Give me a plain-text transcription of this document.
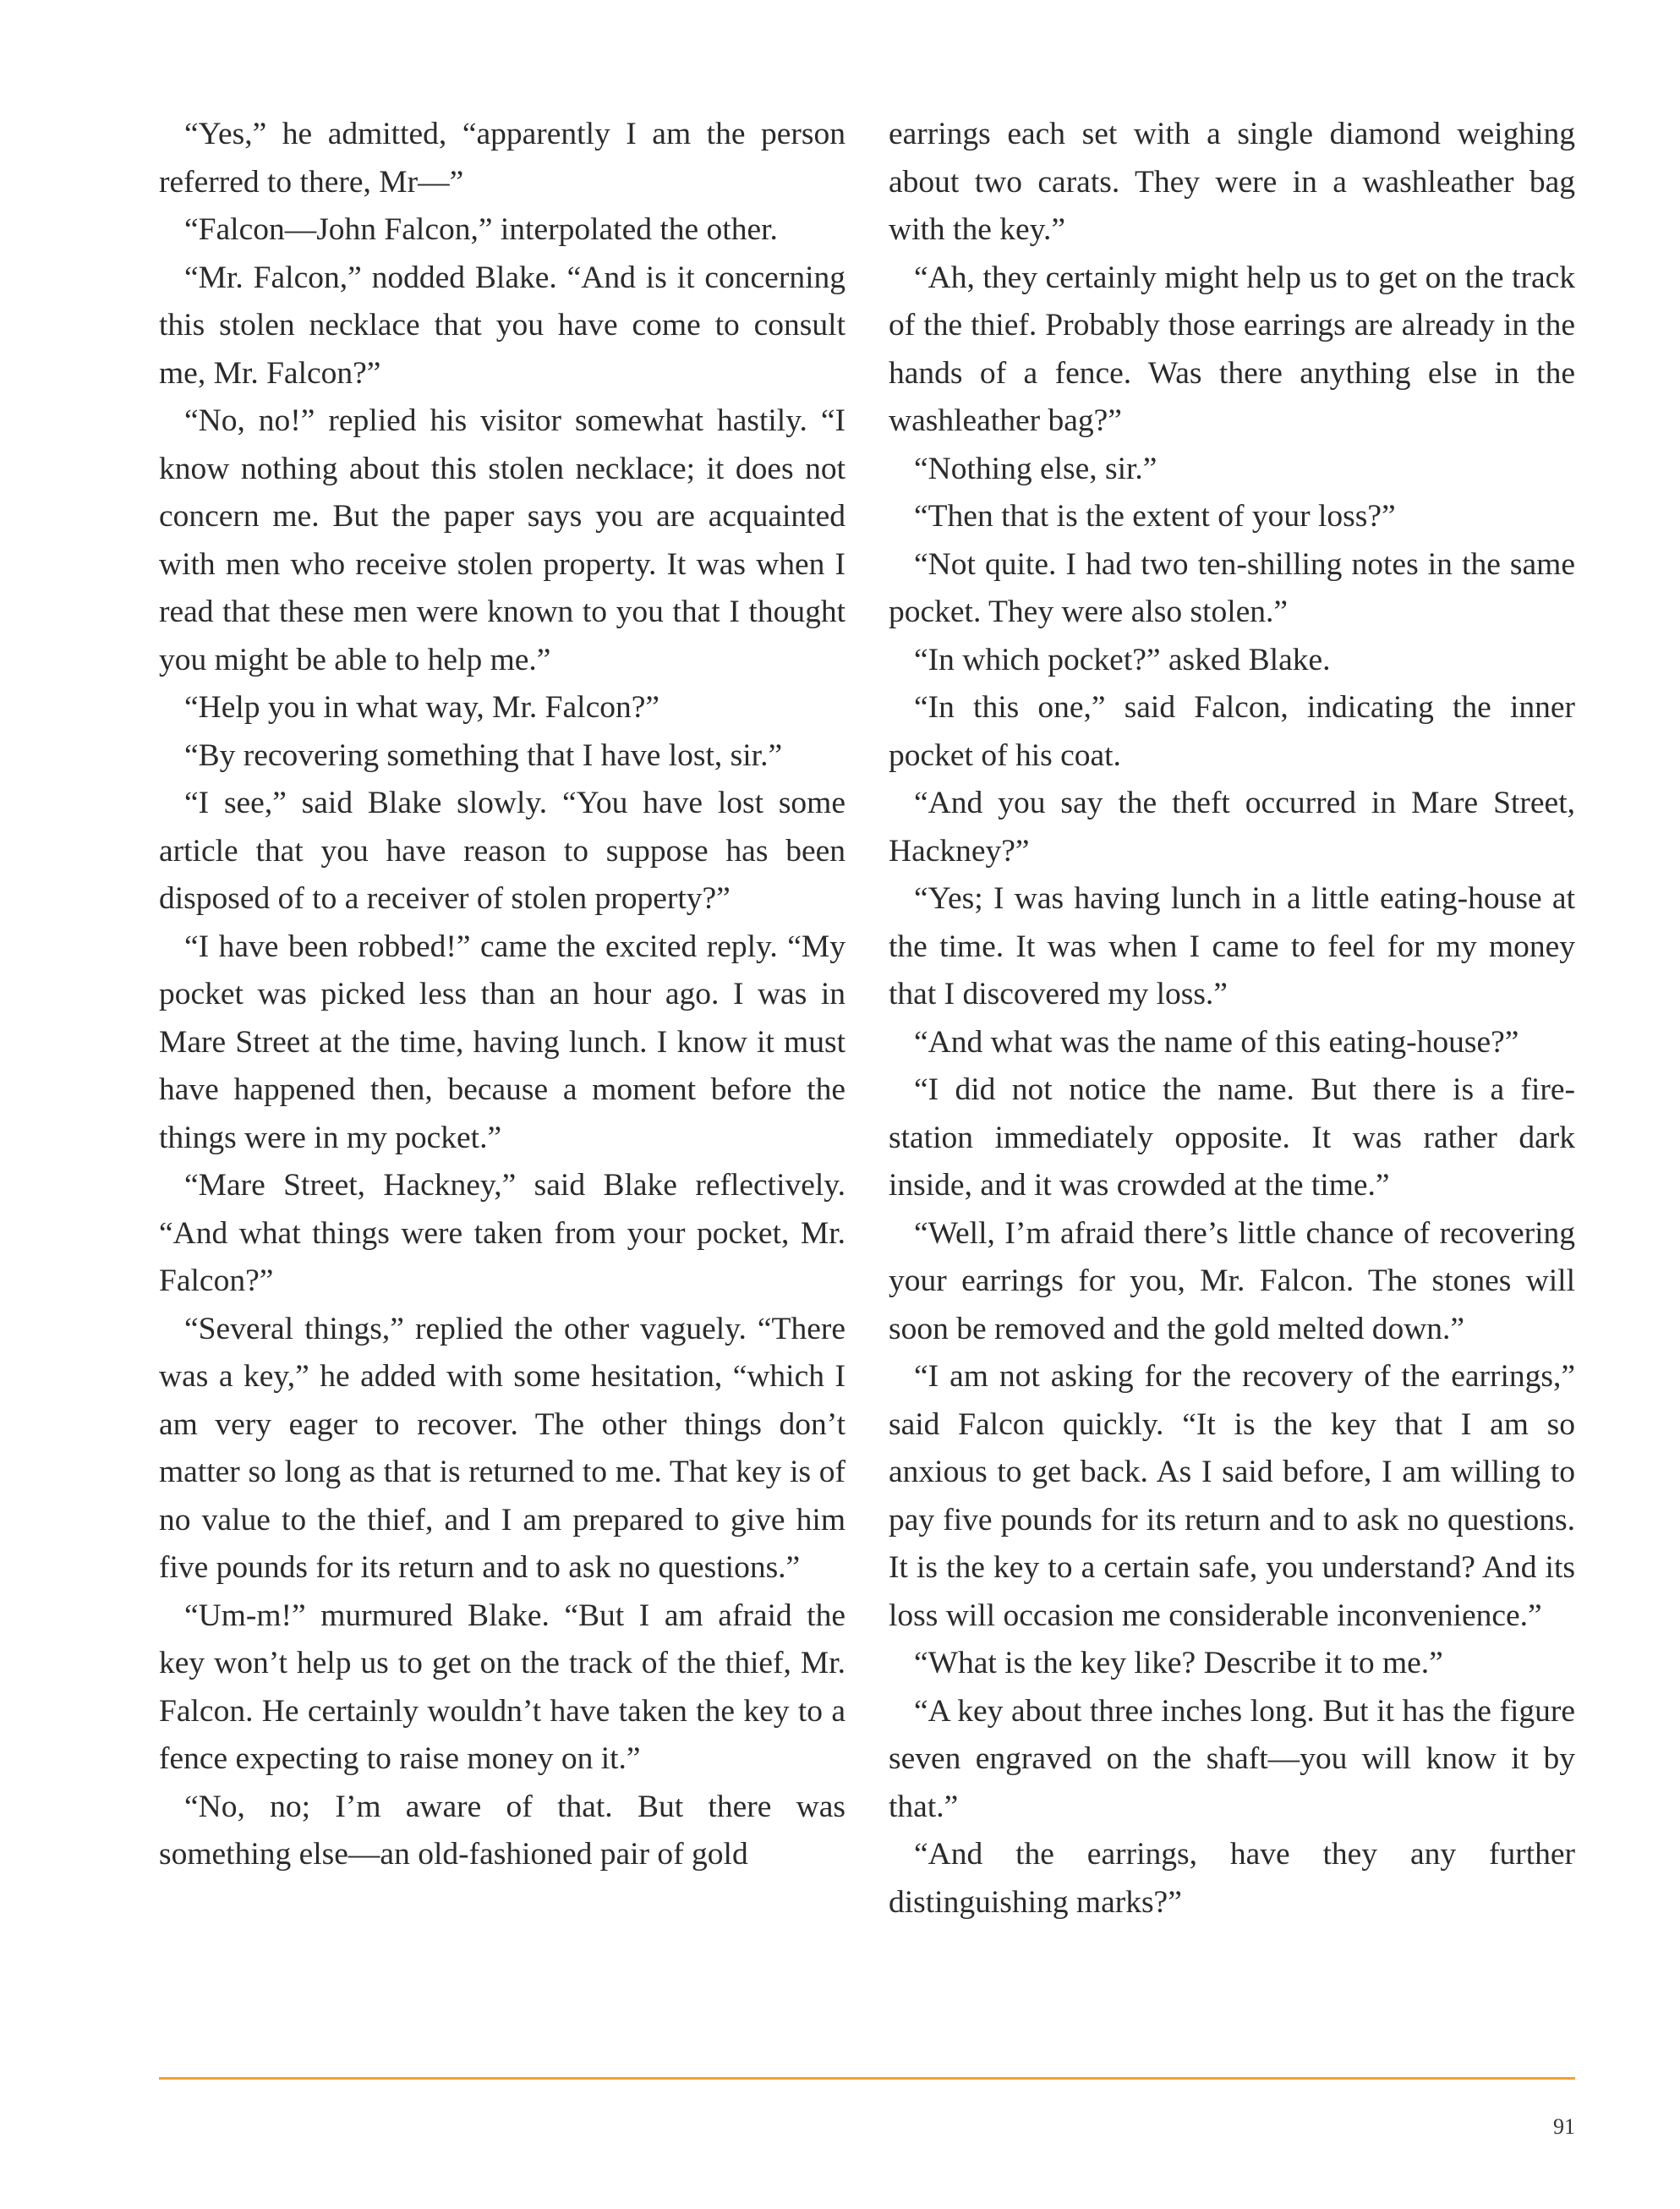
“Yes,” he admitted, “apparently I am the person referred to there, Mr—”

“Falcon—John Falcon,” interpolated the other.

“Mr. Falcon,” nodded Blake. “And is it concerning this stolen necklace that you have come to consult me, Mr. Falcon?”

“No, no!” replied his visitor somewhat hastily. “I know nothing about this stolen necklace; it does not concern me. But the paper says you are acquainted with men who receive stolen property. It was when I read that these men were known to you that I thought you might be able to help me.”

“Help you in what way, Mr. Falcon?”

“By recovering something that I have lost, sir.”

“I see,” said Blake slowly. “You have lost some article that you have reason to suppose has been disposed of to a receiver of stolen property?”

“I have been robbed!” came the excited reply. “My pocket was picked less than an hour ago. I was in Mare Street at the time, having lunch. I know it must have happened then, because a moment before the things were in my pocket.”

“Mare Street, Hackney,” said Blake reflectively. “And what things were taken from your pocket, Mr. Falcon?”

“Several things,” replied the other vaguely. “There was a key,” he added with some hesitation, “which I am very eager to recover. The other things don’t matter so long as that is returned to me. That key is of no value to the thief, and I am prepared to give him five pounds for its return and to ask no questions.”

“Um-m!” murmured Blake. “But I am afraid the key won’t help us to get on the track of the thief, Mr. Falcon. He certainly wouldn’t have taken the key to a fence expecting to raise money on it.”

“No, no; I’m aware of that. But there was something else—an old-fashioned pair of gold

earrings each set with a single diamond weighing about two carats. They were in a washleather bag with the key.”

“Ah, they certainly might help us to get on the track of the thief. Probably those earrings are already in the hands of a fence. Was there anything else in the washleather bag?”

“Nothing else, sir.”

“Then that is the extent of your loss?”

“Not quite. I had two ten-shilling notes in the same pocket. They were also stolen.”

“In which pocket?” asked Blake.

“In this one,” said Falcon, indicating the inner pocket of his coat.

“And you say the theft occurred in Mare Street, Hackney?”

“Yes; I was having lunch in a little eating-house at the time. It was when I came to feel for my money that I discovered my loss.”

“And what was the name of this eating-house?”

“I did not notice the name. But there is a fire-station immediately opposite. It was rather dark inside, and it was crowded at the time.”

“Well, I’m afraid there’s little chance of recovering your earrings for you, Mr. Falcon. The stones will soon be removed and the gold melted down.”

“I am not asking for the recovery of the earrings,” said Falcon quickly. “It is the key that I am so anxious to get back. As I said before, I am willing to pay five pounds for its return and to ask no questions. It is the key to a certain safe, you understand? And its loss will occasion me considerable inconvenience.”

“What is the key like? Describe it to me.”

“A key about three inches long. But it has the figure seven engraved on the shaft—you will know it by that.”

“And the earrings, have they any further distinguishing marks?”

91
